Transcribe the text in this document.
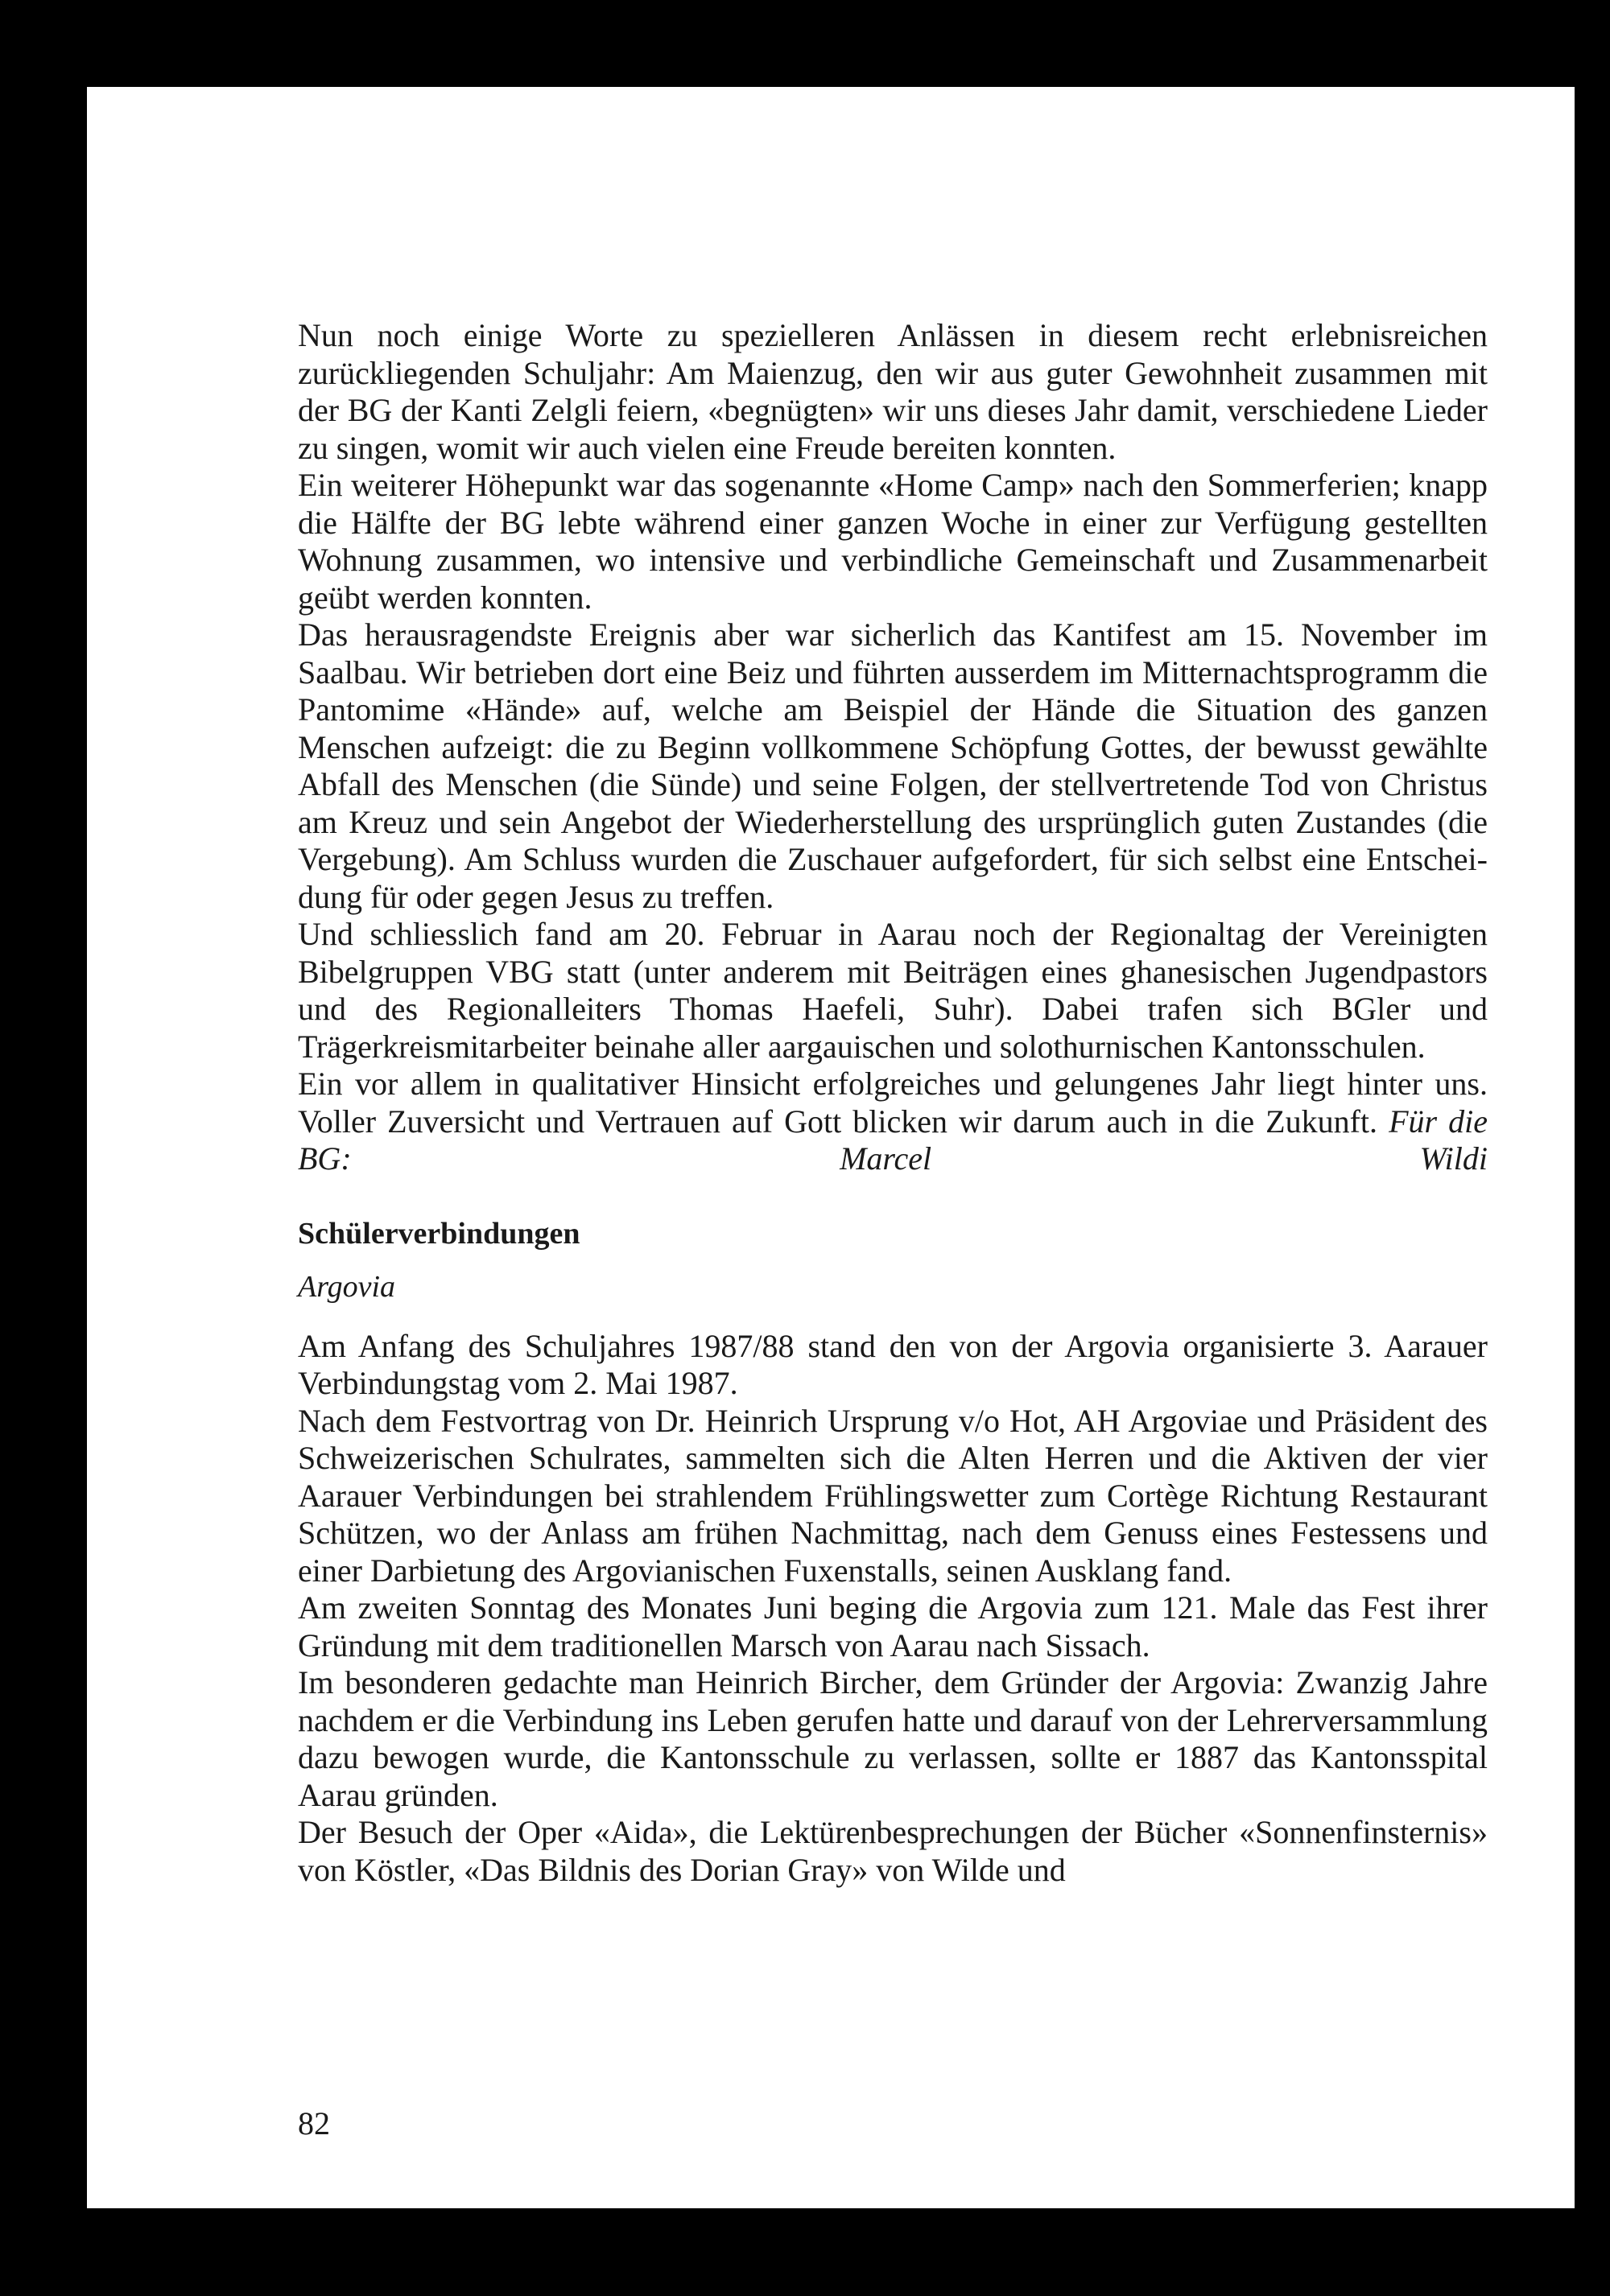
Nun noch einige Worte zu spezielleren Anlässen in diesem recht erlebnisreichen zurückliegenden Schuljahr: Am Maienzug, den wir aus guter Gewohnheit zusammen mit der BG der Kanti Zelgli feiern, «begnügten» wir uns dieses Jahr damit, verschiedene Lieder zu singen, womit wir auch vielen eine Freude bereiten konnten.

Ein weiterer Höhepunkt war das sogenannte «Home Camp» nach den Sommerferien; knapp die Hälfte der BG lebte während einer ganzen Woche in einer zur Verfügung gestellten Wohnung zusammen, wo intensive und verbindliche Gemeinschaft und Zusammenarbeit geübt werden konnten.

Das herausragendste Ereignis aber war sicherlich das Kantifest am 15. November im Saalbau. Wir betrieben dort eine Beiz und führten ausserdem im Mitternachtsprogramm die Pantomime «Hände» auf, welche am Beispiel der Hände die Situation des ganzen Menschen aufzeigt: die zu Beginn vollkommene Schöpfung Gottes, der bewusst gewählte Abfall des Menschen (die Sünde) und seine Folgen, der stellvertretende Tod von Christus am Kreuz und sein Angebot der Wiederherstellung des ursprünglich guten Zustandes (die Vergebung). Am Schluss wurden die Zuschauer aufgefordert, für sich selbst eine Entscheidung für oder gegen Jesus zu treffen.

Und schliesslich fand am 20. Februar in Aarau noch der Regionaltag der Vereinigten Bibelgruppen VBG statt (unter anderem mit Beiträgen eines ghanesischen Jugendpastors und des Regionalleiters Thomas Haefeli, Suhr). Dabei trafen sich BGler und Trägerkreismitarbeiter beinahe aller aargauischen und solothurnischen Kantonsschulen.

Ein vor allem in qualitativer Hinsicht erfolgreiches und gelungenes Jahr liegt hinter uns. Voller Zuversicht und Vertrauen auf Gott blicken wir darum auch in die Zukunft. Für die BG: Marcel Wildi

Schülerverbindungen
Argovia

Am Anfang des Schuljahres 1987/88 stand den von der Argovia organisierte 3. Aarauer Verbindungstag vom 2. Mai 1987.

Nach dem Festvortrag von Dr. Heinrich Ursprung v/o Hot, AH Argoviae und Präsident des Schweizerischen Schulrates, sammelten sich die Alten Herren und die Aktiven der vier Aarauer Verbindungen bei strahlendem Frühlingswetter zum Cortège Richtung Restaurant Schützen, wo der Anlass am frühen Nachmittag, nach dem Genuss eines Festessens und einer Darbietung des Argovianischen Fuxenstalls, seinen Ausklang fand.

Am zweiten Sonntag des Monates Juni beging die Argovia zum 121. Male das Fest ihrer Gründung mit dem traditionellen Marsch von Aarau nach Sissach.

Im besonderen gedachte man Heinrich Bircher, dem Gründer der Argovia: Zwanzig Jahre nachdem er die Verbindung ins Leben gerufen hatte und darauf von der Lehrerversammlung dazu bewogen wurde, die Kantonsschule zu verlassen, sollte er 1887 das Kantonsspital Aarau gründen.

Der Besuch der Oper «Aida», die Lektürenbesprechungen der Bücher «Sonnenfinsternis» von Köstler, «Das Bildnis des Dorian Gray» von Wilde und

82
